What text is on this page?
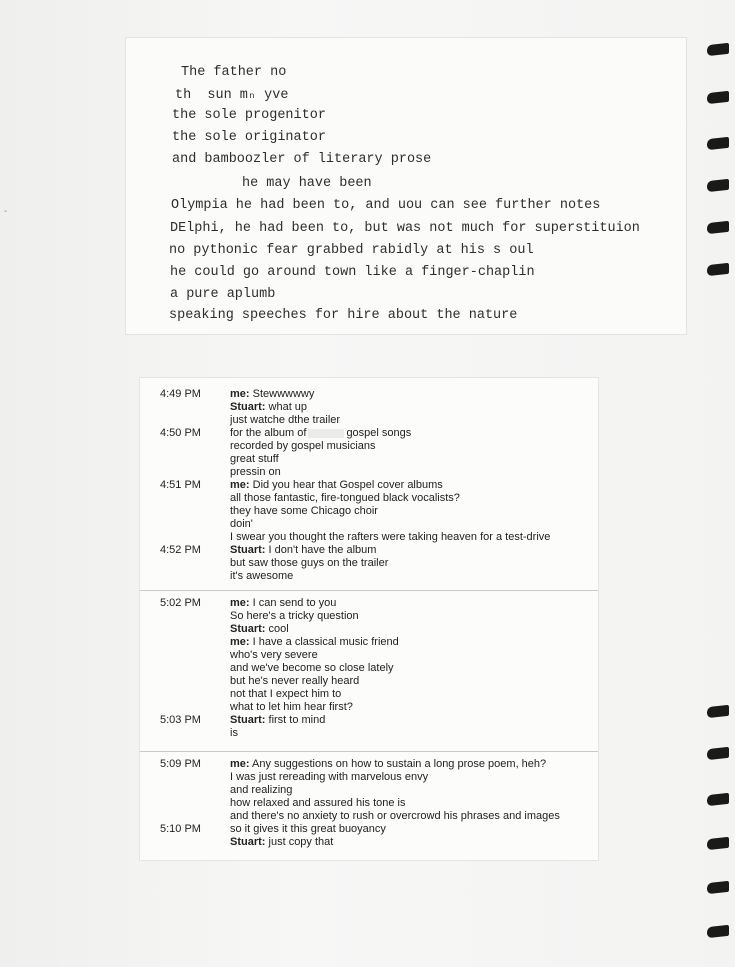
-
The father no
th  sun mₙ yve
the sole progenitor
the sole originator
and bamboozler of literary prose
he may have been
Olympia he had been to, and uou can see further notes
DElphi, he had been to, but was not much for superstituion
no pythonic fear grabbed rabidly at his s oul
he could go around town like a finger-chaplin
a pure aplumb
speaking speeches for hire about the nature
4:49 PM	me: Stewwwwwy
Stuart: what up
just watche dthe trailer
4:50 PM	for the album of	gospel songs
recorded by gospel musicians
great stuff
pressin on
4:51 PM	me: Did you hear that Gospel cover albums
all those fantastic, fire-tongued black vocalists?
they have some Chicago choir
doin'
I swear you thought the rafters were taking heaven for a test-drive
4:52 PM	Stuart: I don't have the album
but saw those guys on the trailer
it's awesome
5:02 PM	me: I can send to you
So here's a tricky question
Stuart: cool
me: I have a classical music friend
who's very severe
and we've become so close lately
but he's never really heard
not that I expect him to
what to let him hear first?
5:03 PM	Stuart: first to mind
is
5:09 PM	me: Any suggestions on how to sustain a long prose poem, heh?
I was just rereading with marvelous envy
and realizing
how relaxed and assured his tone is
and there's no anxiety to rush or overcrowd his phrases and images
5:10 PM	so it gives it this great buoyancy
Stuart: just copy that
